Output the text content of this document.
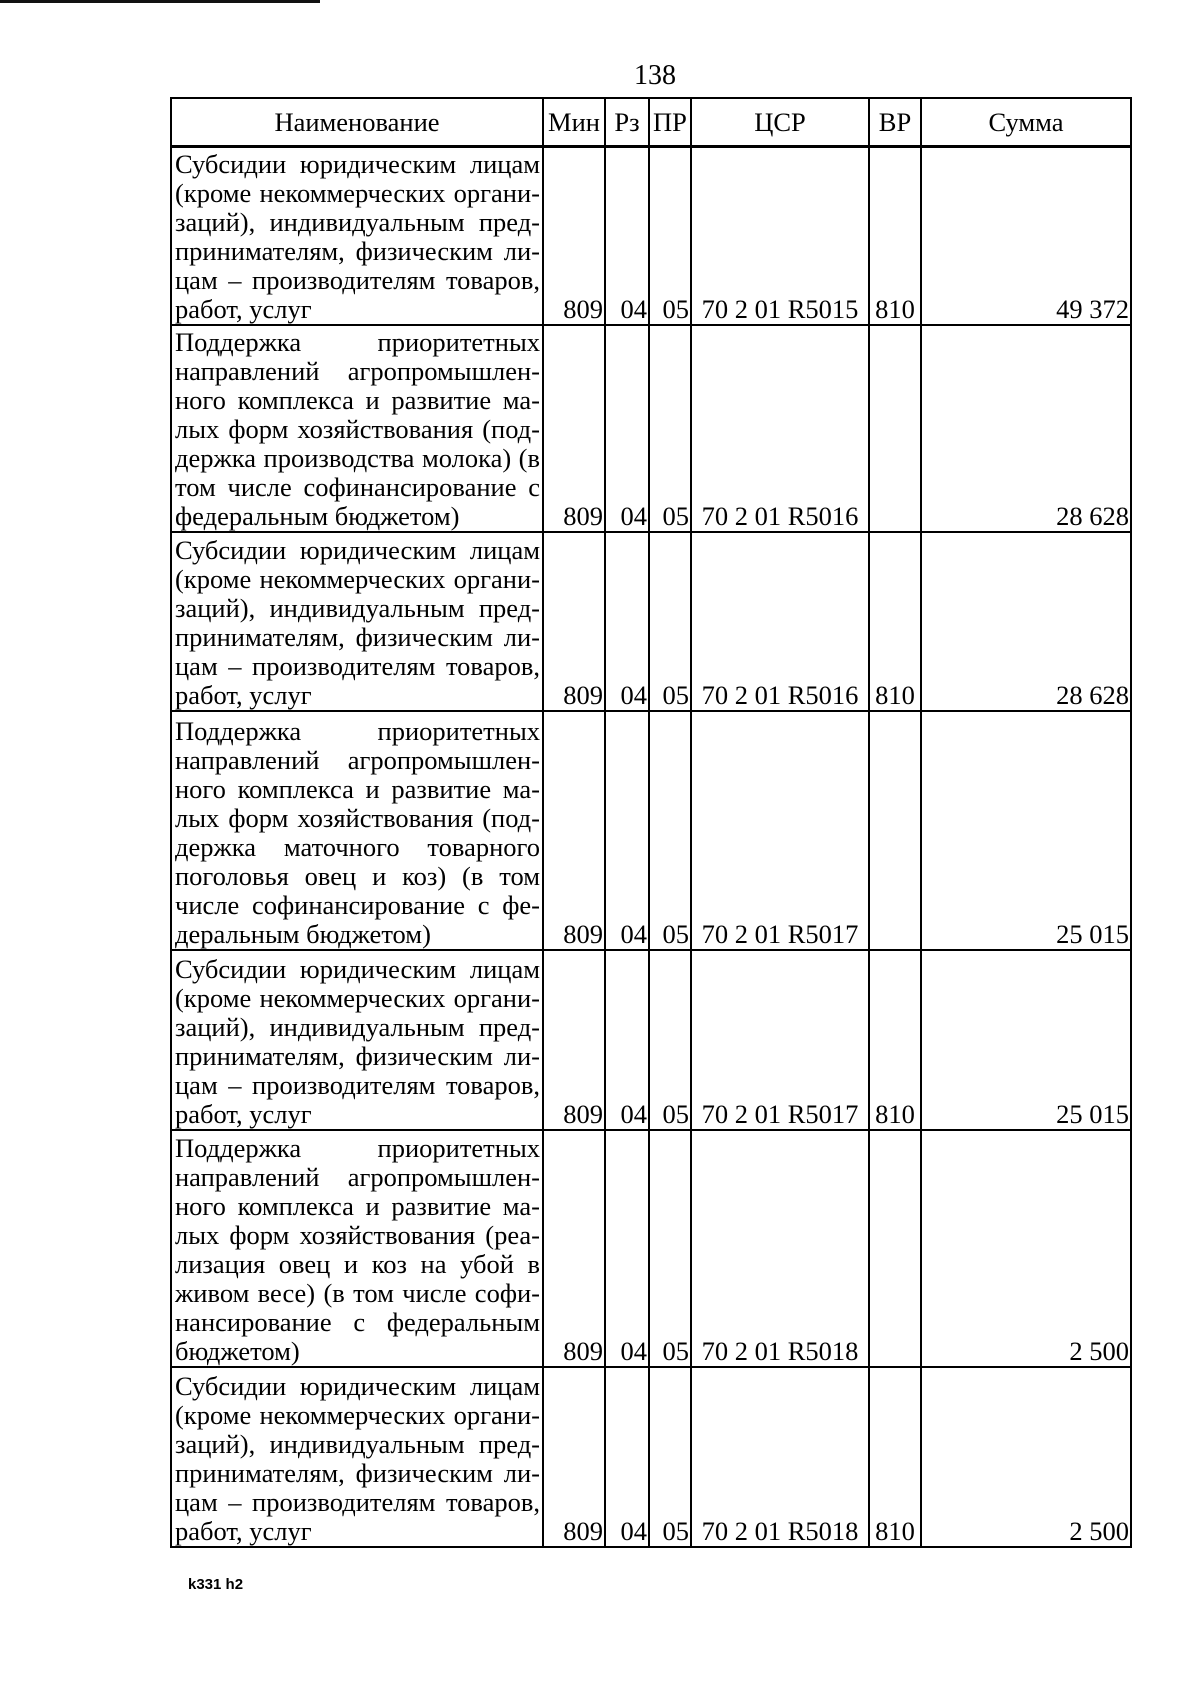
138
Наименование	Мин	Рз	ПР	ЦСР	ВР	Сумма
Субсидии юридическим лицам (кроме некоммерческих органи-заций), индивидуальным пред-принимателям, физическим ли-цам – производителям товаров, работ, услуг	809	04	05	70 2 01 R5015	810	49 372
Поддержка приоритетных направлений агропромышлен-ного комплекса и развитие ма-лых форм хозяйствования (под-держка производства молока) (в том числе софинансирование с федеральным бюджетом)	809	04	05	70 2 01 R5016		28 628
Субсидии юридическим лицам (кроме некоммерческих органи-заций), индивидуальным пред-принимателям, физическим ли-цам – производителям товаров, работ, услуг	809	04	05	70 2 01 R5016	810	28 628
Поддержка приоритетных направлений агропромышлен-ного комплекса и развитие ма-лых форм хозяйствования (под-держка маточного товарного поголовья овец и коз) (в том числе софинансирование с фе-деральным бюджетом)	809	04	05	70 2 01 R5017		25 015
Субсидии юридическим лицам (кроме некоммерческих органи-заций), индивидуальным пред-принимателям, физическим ли-цам – производителям товаров, работ, услуг	809	04	05	70 2 01 R5017	810	25 015
Поддержка приоритетных направлений агропромышлен-ного комплекса и развитие ма-лых форм хозяйствования (реа-лизация овец и коз на убой в живом весе) (в том числе софи-нансирование с федеральным бюджетом)	809	04	05	70 2 01 R5018		2 500
Субсидии юридическим лицам (кроме некоммерческих органи-заций), индивидуальным пред-принимателям, физическим ли-цам – производителям товаров, работ, услуг	809	04	05	70 2 01 R5018	810	2 500
k331 h2
